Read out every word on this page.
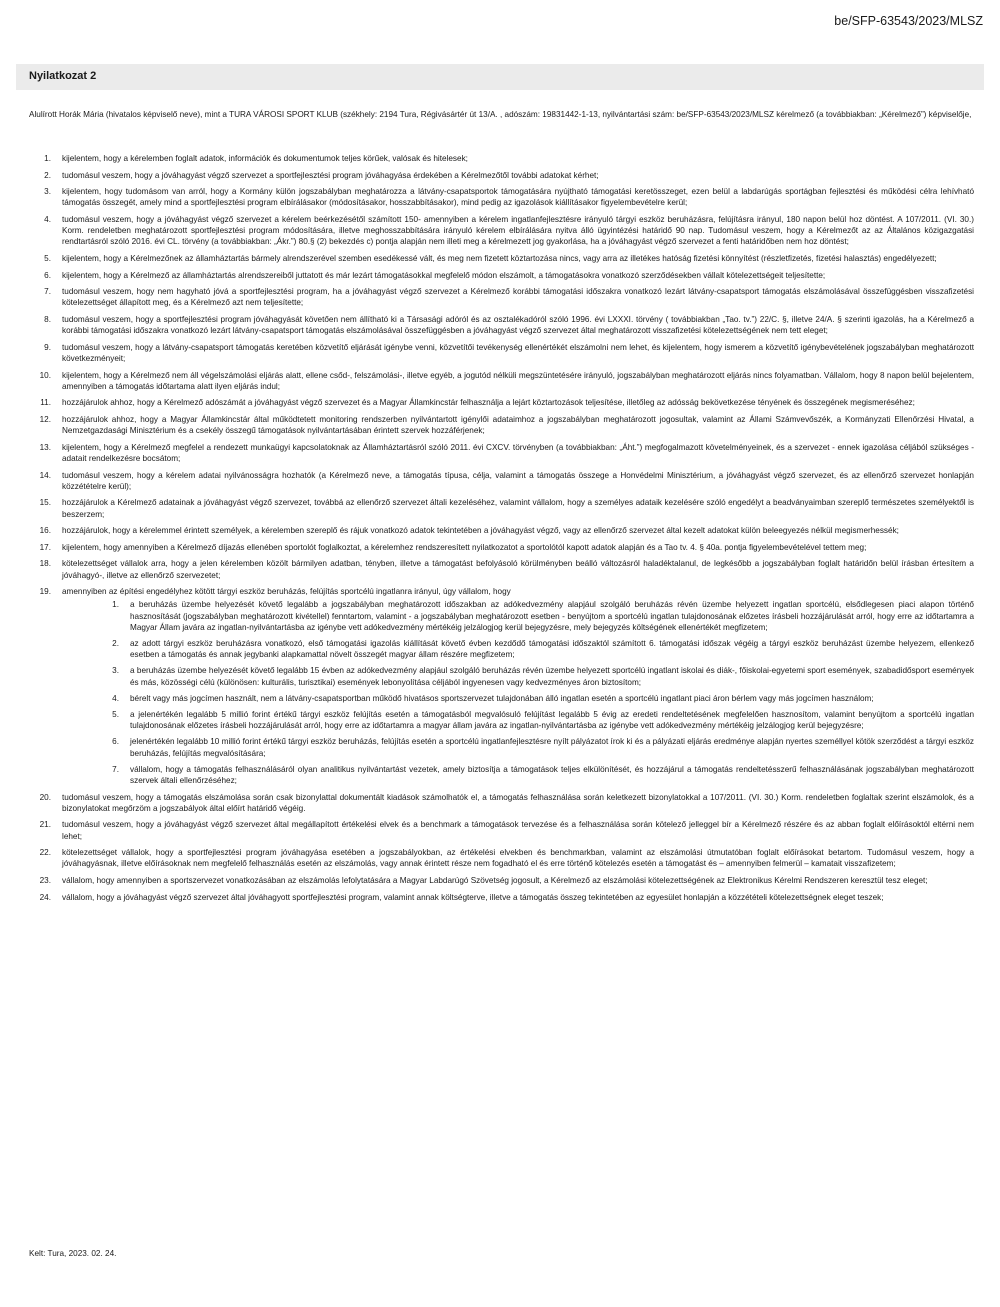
be/SFP-63543/2023/MLSZ
Nyilatkozat 2
Alulírott Horák Mária (hivatalos képviselő neve), mint a TURA VÁROSI SPORT KLUB (székhely: 2194 Tura, Régivásártér út 13/A. , adószám: 19831442-1-13, nyilvántartási szám: be/SFP-63543/2023/MLSZ kérelmező (a továbbiakban: „Kérelmező”) képviselője,
1. kijelentem, hogy a kérelemben foglalt adatok, információk és dokumentumok teljes körűek, valósak és hitelesek;
2. tudomásul veszem, hogy a jóváhagyást végző szervezet a sportfejlesztési program jóváhagyása érdekében a Kérelmezőtől további adatokat kérhet;
3. kijelentem, hogy tudomásom van arról, hogy a Kormány külön jogszabályban meghatározza a látvány-csapatsportok támogatására nyújtható támogatási keretösszeget, ezen belül a labdarúgás sportágban fejlesztési és működési célra lehívható támogatás összegét, amely mind a sportfejlesztési program elbírálásakor (módosításakor, hosszabbításakor), mind pedig az igazolások kiállításakor figyelembevételre kerül;
4. tudomásul veszem, hogy a jóváhagyást végző szervezet a kérelem beérkezésétől számított 150- amennyiben a kérelem ingatlanfejlesztésre irányuló tárgyi eszköz beruházásra, felújításra irányul, 180 napon belül hoz döntést. A 107/2011. (VI. 30.) Korm. rendeletben meghatározott sportfejlesztési program módosítására, illetve meghosszabbítására irányuló kérelem elbírálására nyitva álló ügyintézési határidő 90 nap. Tudomásul veszem, hogy a Kérelmezőt az az Általános közigazgatási rendtartásról szóló 2016. évi CL. törvény (a továbbiakban: „Ákr.”) 80.§ (2) bekezdés c) pontja alapján nem illeti meg a kérelmezett jog gyakorlása, ha a jóváhagyást végző szervezet a fenti határidőben nem hoz döntést;
5. kijelentem, hogy a Kérelmezőnek az államháztartás bármely alrendszerével szemben esedékessé vált, és meg nem fizetett köztartozása nincs, vagy arra az illetékes hatóság fizetési könnyítést (részletfizetés, fizetési halasztás) engedélyezett;
6. kijelentem, hogy a Kérelmező az államháztartás alrendszereiből juttatott és már lezárt támogatásokkal megfelelő módon elszámolt, a támogatásokra vonatkozó szerződésekben vállalt kötelezettségeit teljesítette;
7. tudomásul veszem, hogy nem hagyható jóvá a sportfejlesztési program, ha a jóváhagyást végző szervezet a Kérelmező korábbi támogatási időszakra vonatkozó lezárt látvány-csapatsport támogatás elszámolásával összefüggésben visszafizetési kötelezettséget állapított meg, és a Kérelmező azt nem teljesítette;
8. tudomásul veszem, hogy a sportfejlesztési program jóváhagyását követően nem állítható ki a Társasági adóról és az osztalékadóról szóló 1996. évi LXXXI. törvény ( továbbiakban „Tao. tv.”) 22/C. §, illetve 24/A. § szerinti igazolás, ha a Kérelmező a korábbi támogatási időszakra vonatkozó lezárt látvány-csapatsport támogatás elszámolásával összefüggésben a jóváhagyást végző szervezet által meghatározott visszafizetési kötelezettségének nem tett eleget;
9. tudomásul veszem, hogy a látvány-csapatsport támogatás keretében közvetítő eljárását igénybe venni, közvetítői tevékenység ellenértékét elszámolni nem lehet, és kijelentem, hogy ismerem a közvetítő igénybevételének jogszabályban meghatározott következményeit;
10. kijelentem, hogy a Kérelmező nem áll végelszámolási eljárás alatt, ellene csőd-, felszámolási-, illetve egyéb, a jogutód nélküli megszüntetésére irányuló, jogszabályban meghatározott eljárás nincs folyamatban. Vállalom, hogy 8 napon belül bejelentem, amennyiben a támogatás időtartama alatt ilyen eljárás indul;
11. hozzájárulok ahhoz, hogy a Kérelmező adószámát a jóváhagyást végző szervezet és a Magyar Államkincstár felhasználja a lejárt köztartozások teljesítése, illetőleg az adósság bekövetkezése tényének és összegének megismeréséhez;
12. hozzájárulok ahhoz, hogy a Magyar Államkincstár által működtetett monitoring rendszerben nyilvántartott igénylői adataimhoz a jogszabályban meghatározott jogosultak, valamint az Állami Számvevőszék, a Kormányzati Ellenőrzési Hivatal, a Nemzetgazdasági Minisztérium és a csekély összegű támogatások nyilvántartásában érintett szervek hozzáférjenek;
13. kijelentem, hogy a Kérelmező megfelel a rendezett munkaügyi kapcsolatoknak az Államháztartásról szóló 2011. évi CXCV. törvényben (a továbbiakban: „Áht.”) megfogalmazott követelményeinek, és a szervezet - ennek igazolása céljából szükséges - adatait rendelkezésre bocsátom;
14. tudomásul veszem, hogy a kérelem adatai nyilvánosságra hozhatók (a Kérelmező neve, a támogatás típusa, célja, valamint a támogatás összege a Honvédelmi Minisztérium, a jóváhagyást végző szervezet, és az ellenőrző szervezet honlapján közzétételre kerül);
15. hozzájárulok a Kérelmező adatainak a jóváhagyást végző szervezet, továbbá az ellenőrző szervezet általi kezeléséhez, valamint vállalom, hogy a személyes adataik kezelésére szóló engedélyt a beadványaimban szereplő természetes személyektől is beszerzem;
16. hozzájárulok, hogy a kérelemmel érintett személyek, a kérelemben szereplő és rájuk vonatkozó adatok tekintetében a jóváhagyást végző, vagy az ellenőrző szervezet által kezelt adatokat külön beleegyezés nélkül megismerhessék;
17. kijelentem, hogy amennyiben a Kérelmező díjazás ellenében sportolót foglalkoztat, a kérelemhez rendszeresített nyilatkozatot a sportolótól kapott adatok alapján és a Tao tv. 4. § 40a. pontja figyelembevételével tettem meg;
18. kötelezettséget vállalok arra, hogy a jelen kérelemben közölt bármilyen adatban, tényben, illetve a támogatást befolyásoló körülményben beálló változásról haladéktalanul, de legkésőbb a jogszabályban foglalt határidőn belül írásban értesítem a jóváhagyó-, illetve az ellenőrző szervezetet;
19. amennyiben az építési engedélyhez kötött tárgyi eszköz beruházás, felújítás sportcélú ingatlanra irányul, úgy vállalom, hogy
1. a beruházás üzembe helyezését követő legalább a jogszabályban meghatározott időszakban az adókedvezmény alapjául szolgáló beruházás révén üzembe helyezett ingatlan sportcélú, elsődlegesen piaci alapon történő hasznosítását (jogszabályban meghatározott kivétellel) fenntartom, valamint - a jogszabályban meghatározott esetben - benyújtom a sportcélú ingatlan tulajdonosának előzetes írásbeli hozzájárulását arról, hogy erre az időtartamra a Magyar Állam javára az ingatlan-nyilvántartásba az igénybe vett adókedvezmény mértékéig jelzálogjog kerül bejegyzésre, mely bejegyzés költségének ellenértékét megfizetem;
2. az adott tárgyi eszköz beruházásra vonatkozó, első támogatási igazolás kiállítását követő évben kezdődő támogatási időszaktól számított 6. támogatási időszak végéig a tárgyi eszköz beruházást üzembe helyezem, ellenkező esetben a támogatás és annak jegybanki alapkamattal növelt összegét magyar állam részére megfizetem;
3. a beruházás üzembe helyezését követő legalább 15 évben az adókedvezmény alapjául szolgáló beruházás révén üzembe helyezett sportcélú ingatlant iskolai és diák-, főiskolai-egyetemi sport események, szabadidősport események és más, közösségi célú (különösen: kulturális, turisztikai) események lebonyolítása céljából ingyenesen vagy kedvezményes áron biztosítom;
4. bérelt vagy más jogcímen használt, nem a látvány-csapatsportban működő hivatásos sportszervezet tulajdonában álló ingatlan esetén a sportcélú ingatlant piaci áron bérlem vagy más jogcímen használom;
5. a jelenértékén legalább 5 millió forint értékű tárgyi eszköz felújítás esetén a támogatásból megvalósuló felújítást legalább 5 évig az eredeti rendeltetésének megfelelően hasznosítom, valamint benyújtom a sportcélú ingatlan tulajdonosának előzetes írásbeli hozzájárulását arról, hogy erre az időtartamra a magyar állam javára az ingatlan-nyilvántartásba az igénybe vett adókedvezmény mértékéig jelzálogjog kerül bejegyzésre;
6. jelenértékén legalább 10 millió forint értékű tárgyi eszköz beruházás, felújítás esetén a sportcélú ingatlanfejlesztésre nyílt pályázatot írok ki és a pályázati eljárás eredménye alapján nyertes személlyel kötök szerződést a tárgyi eszköz beruházás, felújítás megvalósítására;
7. vállalom, hogy a támogatás felhasználásáról olyan analitikus nyilvántartást vezetek, amely biztosítja a támogatások teljes elkülönítését, és hozzájárul a támogatás rendeltetésszerű felhasználásának jogszabályban meghatározott szervek általi ellenőrzéséhez;
20. tudomásul veszem, hogy a támogatás elszámolása során csak bizonylattal dokumentált kiadások számolhatók el, a támogatás felhasználása során keletkezett bizonylatokkal a 107/2011. (VI. 30.) Korm. rendeletben foglaltak szerint elszámolok, és a bizonylatokat megőrzöm a jogszabályok által előírt határidő végéig.
21. tudomásul veszem, hogy a jóváhagyást végző szervezet által megállapított értékelési elvek és a benchmark a támogatások tervezése és a felhasználása során kötelező jelleggel bír a Kérelmező részére és az abban foglalt előírásoktól eltérni nem lehet;
22. kötelezettséget vállalok, hogy a sportfejlesztési program jóváhagyása esetében a jogszabályokban, az értékelési elvekben és benchmarkban, valamint az elszámolási útmutatóban foglalt előírásokat betartom. Tudomásul veszem, hogy a jóváhagyásnak, illetve előírásoknak nem megfelelő felhasználás esetén az elszámolás, vagy annak érintett része nem fogadható el és erre történő kötelezés esetén a támogatást és – amennyiben felmerül – kamatait visszafizetem;
23. vállalom, hogy amennyiben a sportszervezet vonatkozásában az elszámolás lefolytatására a Magyar Labdarúgó Szövetség jogosult, a Kérelmező az elszámolási kötelezettségének az Elektronikus Kérelmi Rendszeren keresztül tesz eleget;
24. vállalom, hogy a jóváhagyást végző szervezet által jóváhagyott sportfejlesztési program, valamint annak költségterve, illetve a támogatás összeg tekintetében az egyesület honlapján a közzétételi kötelezettségnek eleget teszek;
Kelt: Tura, 2023. 02. 24.
